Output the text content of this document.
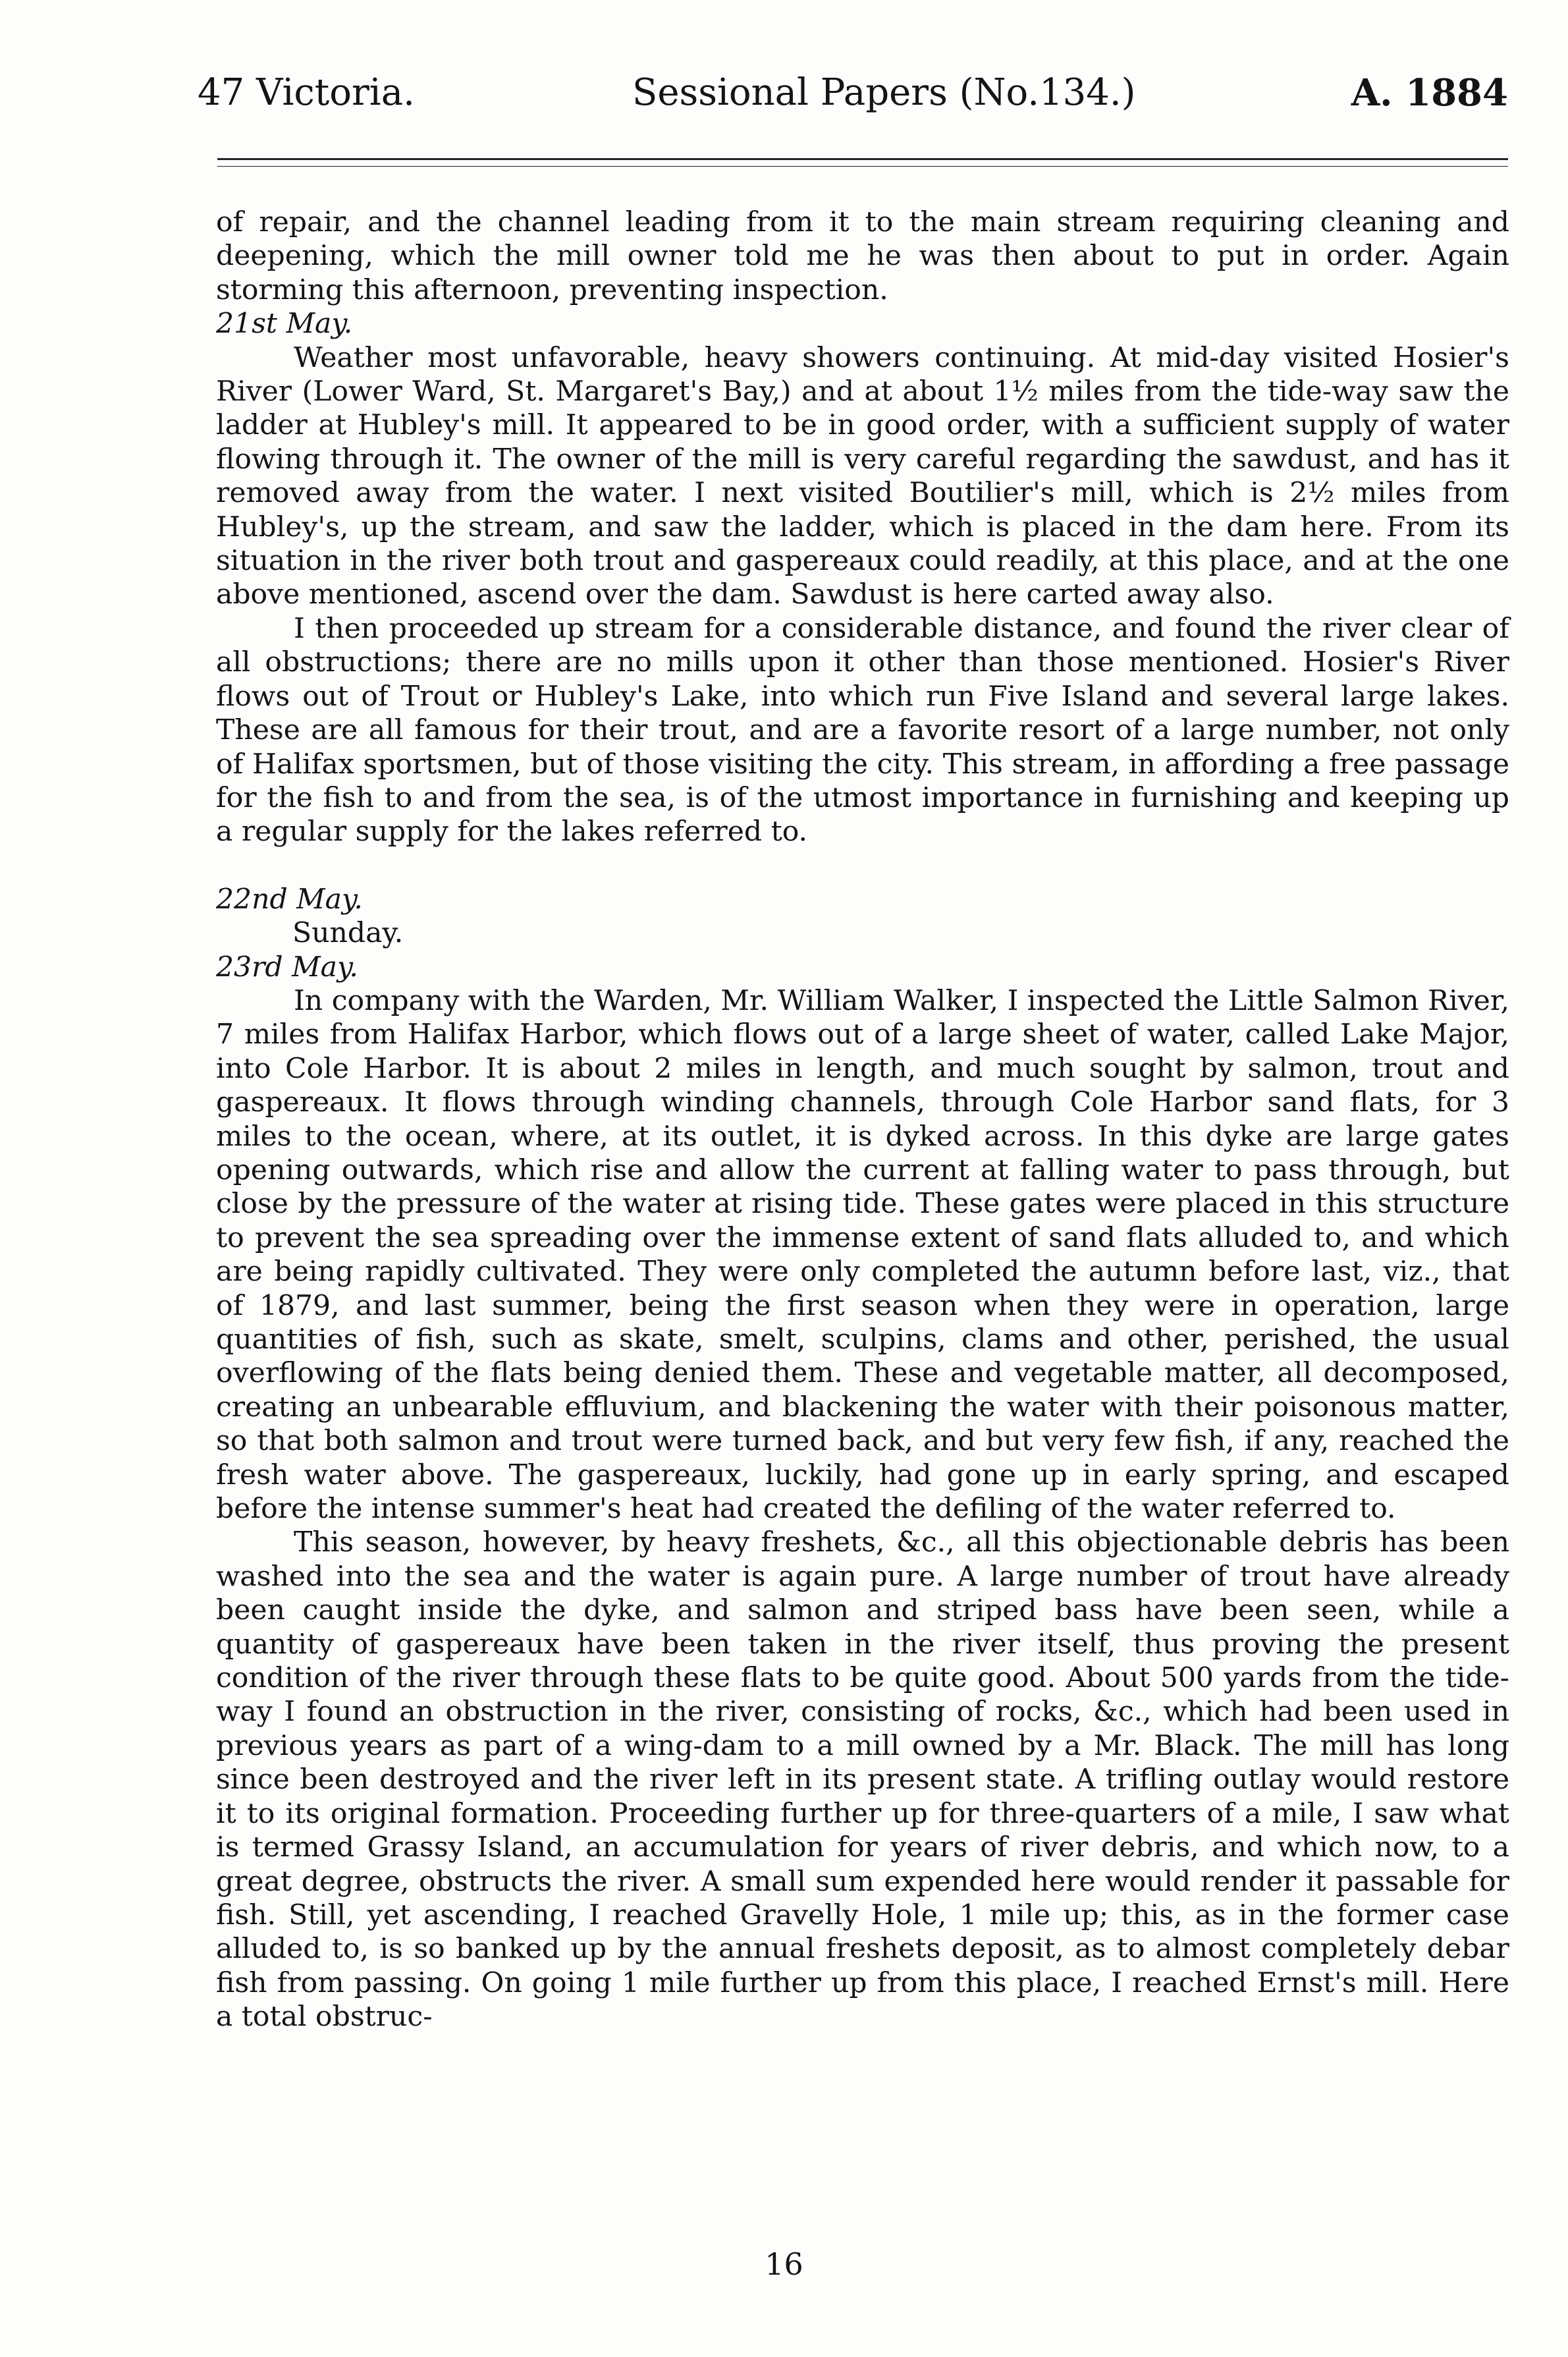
47 Victoria.	Sessional Papers (No.134.)	A. 1884

of repair, and the channel leading from it to the main stream requiring cleaning and deepening, which the mill owner told me he was then about to put in order. Again storming this afternoon, preventing inspection.

21st May.

Weather most unfavorable, heavy showers continuing. At mid-day visited Hosier's River (Lower Ward, St. Margaret's Bay,) and at about 1½ miles from the tide-way saw the ladder at Hubley's mill. It appeared to be in good order, with a sufficient supply of water flowing through it. The owner of the mill is very careful regarding the sawdust, and has it removed away from the water. I next visited Boutilier's mill, which is 2½ miles from Hubley's, up the stream, and saw the ladder, which is placed in the dam here. From its situation in the river both trout and gaspereaux could readily, at this place, and at the one above mentioned, ascend over the dam. Sawdust is here carted away also.

I then proceeded up stream for a considerable distance, and found the river clear of all obstructions; there are no mills upon it other than those mentioned. Hosier's River flows out of Trout or Hubley's Lake, into which run Five Island and several large lakes. These are all famous for their trout, and are a favorite resort of a large number, not only of Halifax sportsmen, but of those visiting the city. This stream, in affording a free passage for the fish to and from the sea, is of the utmost importance in furnishing and keeping up a regular supply for the lakes referred to.

22nd May.

Sunday.

23rd May.

In company with the Warden, Mr. William Walker, I inspected the Little Salmon River, 7 miles from Halifax Harbor, which flows out of a large sheet of water, called Lake Major, into Cole Harbor. It is about 2 miles in length, and much sought by salmon, trout and gaspereaux. It flows through winding channels, through Cole Harbor sand flats, for 3 miles to the ocean, where, at its outlet, it is dyked across. In this dyke are large gates opening outwards, which rise and allow the current at falling water to pass through, but close by the pressure of the water at rising tide. These gates were placed in this structure to prevent the sea spreading over the immense extent of sand flats alluded to, and which are being rapidly cultivated. They were only completed the autumn before last, viz., that of 1879, and last summer, being the first season when they were in operation, large quantities of fish, such as skate, smelt, sculpins, clams and other, perished, the usual overflowing of the flats being denied them. These and vegetable matter, all decomposed, creating an unbearable effluvium, and blackening the water with their poisonous matter, so that both salmon and trout were turned back, and but very few fish, if any, reached the fresh water above. The gaspereaux, luckily, had gone up in early spring, and escaped before the intense summer's heat had created the defiling of the water referred to.

This season, however, by heavy freshets, &c., all this objectionable debris has been washed into the sea and the water is again pure. A large number of trout have already been caught inside the dyke, and salmon and striped bass have been seen, while a quantity of gaspereaux have been taken in the river itself, thus proving the present condition of the river through these flats to be quite good. About 500 yards from the tide-way I found an obstruction in the river, consisting of rocks, &c., which had been used in previous years as part of a wing-dam to a mill owned by a Mr. Black. The mill has long since been destroyed and the river left in its present state. A trifling outlay would restore it to its original formation. Proceeding further up for three-quarters of a mile, I saw what is termed Grassy Island, an accumulation for years of river debris, and which now, to a great degree, obstructs the river. A small sum expended here would render it passable for fish. Still, yet ascending, I reached Gravelly Hole, 1 mile up; this, as in the former case alluded to, is so banked up by the annual freshets deposit, as to almost completely debar fish from passing. On going 1 mile further up from this place, I reached Ernst's mill. Here a total obstruc-

16
